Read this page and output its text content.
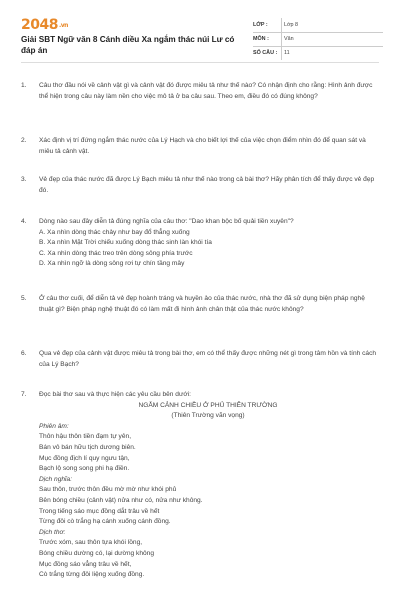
2048.vn
Giải SBT Ngữ văn 8 Cánh diều Xa ngắm thác núi Lư có đáp án
LỚP :	Lớp 8
MÔN :	Văn
SỐ CÂU :	11
1.	Câu thơ đầu nói về cảnh vật gì và cảnh vật đó được miêu tả như thế nào? Có nhận định cho rằng: Hình ảnh được thể hiện trong câu này làm nền cho việc mô tả ở ba câu sau. Theo em, điều đó có đúng không?
2.	Xác định vị trí đứng ngắm thác nước của Lý Hạch và cho biết lợi thế của việc chọn điểm nhìn đó để quan sát và miêu tả cảnh vật.
3.	Vẻ đẹp của thác nước đã được Lý Bạch miêu tả như thế nào trong cả bài thơ? Hãy phân tích để thấy được vẻ đẹp đó.
4.	Dòng nào sau đây diễn tả đúng nghĩa của câu thơ: "Dao khan bộc bố quải tiền xuyên"?
A. Xa nhìn dòng thác chảy như bay đổ thẳng xuống
B. Xa nhìn Mặt Trời chiếu xuống dòng thác sinh làn khói tía
C. Xa nhìn dòng thác treo trên dòng sông phía trước
D. Xa nhìn ngỡ là dòng sông rơi tự chín tầng mây
5.	Ở câu thơ cuối, để diễn tả vẻ đẹp hoành tráng và huyền ảo của thác nước, nhà thơ đã sử dụng biện pháp nghệ thuật gì? Biện pháp nghệ thuật đó có làm mất đi hình ảnh chân thật của thác nước không?
6.	Qua vẻ đẹp của cảnh vật được miêu tả trong bài thơ, em có thể thấy được những nét gì trong tâm hồn và tính cách của Lý Bạch?
7.	Đọc bài thơ sau và thực hiện các yêu cầu bên dưới:
NGẮM CẢNH CHIỀU Ở PHỦ THIÊN TRƯỜNG
(Thiên Trường vãn vọng)
Phiên âm:
Thôn hậu thôn tiền đạm tự yên,
Bán vô bán hữu tịch dương biên.
Mục đồng địch lí quy ngưu tận,
Bạch lộ song song phi hạ điền.
Dịch nghĩa:
Sau thôn, trước thôn đều mờ mờ như khói phủ
Bên bóng chiều (cảnh vật) nửa như có, nửa như không.
Trong tiếng sáo mục đồng dắt trâu về hết
Từng đôi cò trắng hạ cánh xuống cánh đồng.
Dịch thơ:
Trước xóm, sau thôn tựa khói lồng,
Bóng chiều dường có, lại dường không
Mục đồng sáo vẳng trâu về hết,
Cò trắng từng đôi liệng xuống đồng.
